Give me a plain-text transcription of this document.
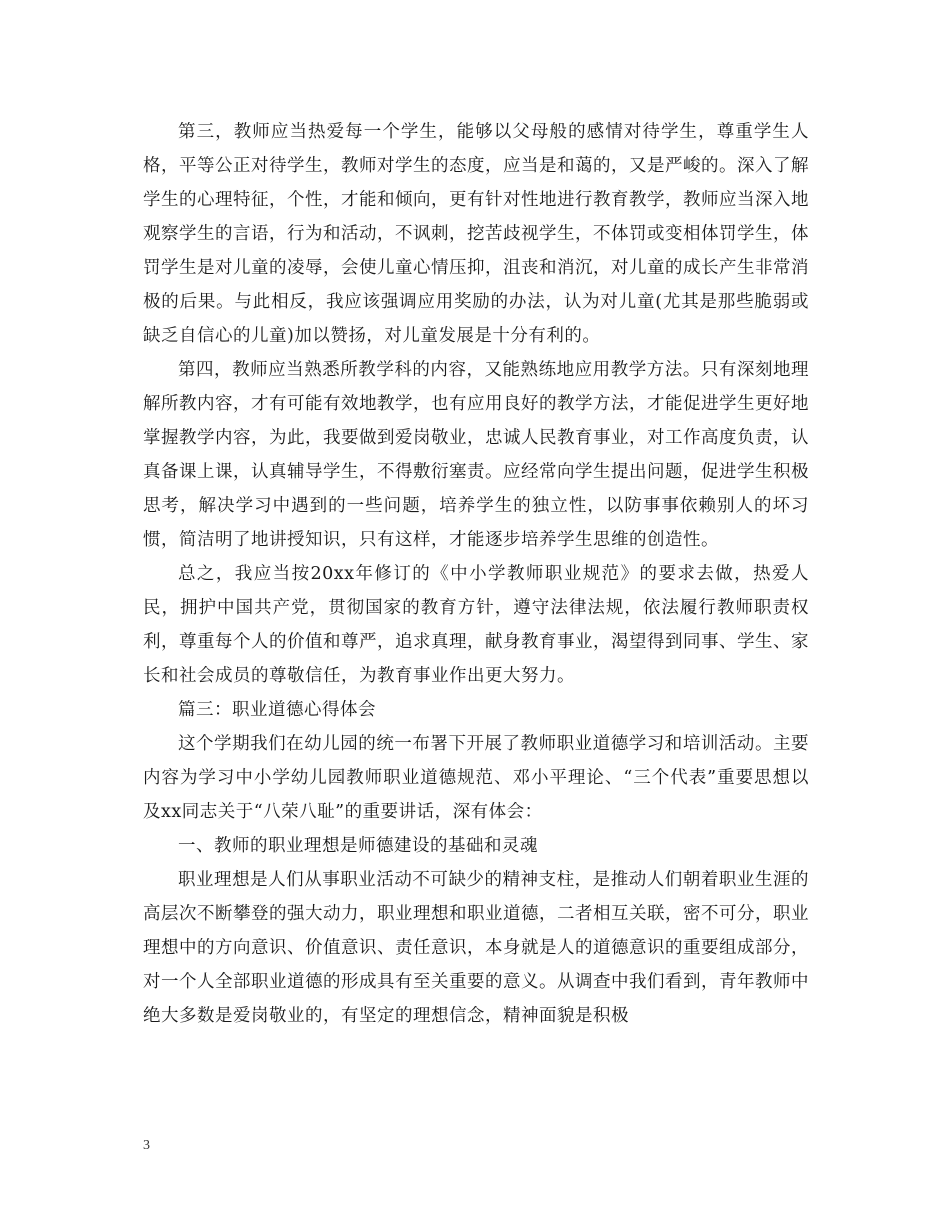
第三，教师应当热爱每一个学生，能够以父母般的感情对待学生，尊重学生人格，平等公正对待学生，教师对学生的态度，应当是和蔼的，又是严峻的。深入了解学生的心理特征，个性，才能和倾向，更有针对性地进行教育教学，教师应当深入地观察学生的言语，行为和活动，不讽刺，挖苦歧视学生，不体罚或变相体罚学生，体罚学生是对儿童的凌辱，会使儿童心情压抑，沮丧和消沉，对儿童的成长产生非常消极的后果。与此相反，我应该强调应用奖励的办法，认为对儿童(尤其是那些脆弱或缺乏自信心的儿童)加以赞扬，对儿童发展是十分有利的。

第四，教师应当熟悉所教学科的内容，又能熟练地应用教学方法。只有深刻地理解所教内容，才有可能有效地教学，也有应用良好的教学方法，才能促进学生更好地掌握教学内容，为此，我要做到爱岗敬业，忠诚人民教育事业，对工作高度负责，认真备课上课，认真辅导学生，不得敷衍塞责。应经常向学生提出问题，促进学生积极思考，解决学习中遇到的一些问题，培养学生的独立性，以防事事依赖别人的坏习惯，简洁明了地讲授知识，只有这样，才能逐步培养学生思维的创造性。

总之，我应当按20xx年修订的《中小学教师职业规范》的要求去做，热爱人民，拥护中国共产党，贯彻国家的教育方针，遵守法律法规，依法履行教师职责权利，尊重每个人的价值和尊严，追求真理，献身教育事业，渴望得到同事、学生、家长和社会成员的尊敬信任，为教育事业作出更大努力。

篇三：职业道德心得体会

这个学期我们在幼儿园的统一布署下开展了教师职业道德学习和培训活动。主要内容为学习中小学幼儿园教师职业道德规范、邓小平理论、“三个代表”重要思想以及xx同志关于“八荣八耻”的重要讲话，深有体会：

一、教师的职业理想是师德建设的基础和灵魂

职业理想是人们从事职业活动不可缺少的精神支柱，是推动人们朝着职业生涯的高层次不断攀登的强大动力，职业理想和职业道德，二者相互关联，密不可分，职业理想中的方向意识、价值意识、责任意识，本身就是人的道德意识的重要组成部分，对一个人全部职业道德的形成具有至关重要的意义。从调查中我们看到，青年教师中绝大多数是爱岗敬业的，有坚定的理想信念，精神面貌是积极

3
